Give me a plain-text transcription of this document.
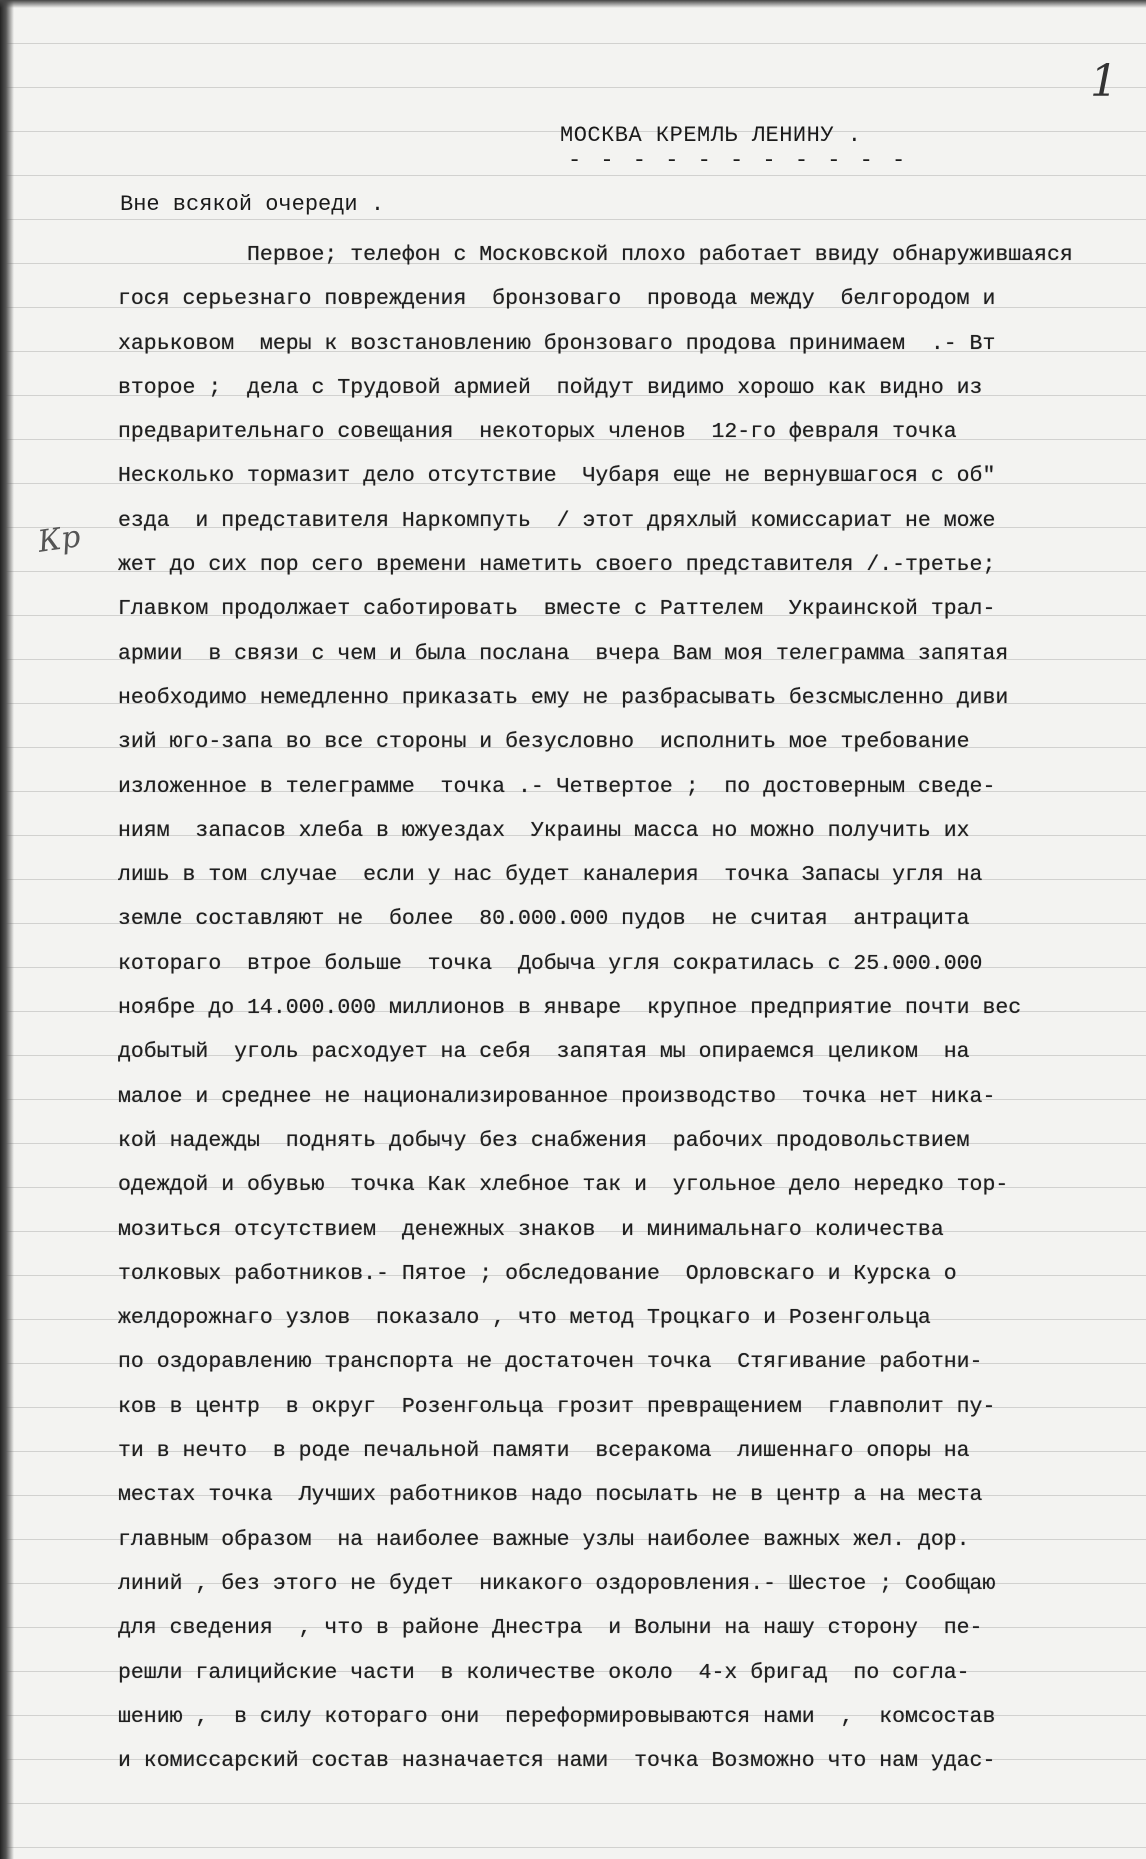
1
Кр
МОСКВА КРЕМЛЬ ЛЕНИНУ .
- - - - - - - - - - -
Вне всякой очереди .
Первое; телефон с Московской плохо работает ввиду обнаружившаяся
гося серьезнаго повреждения  бронзоваго  провода между  белгородом и
харьковом  меры к возстановлению бронзоваго продова принимаем  .- Вт
второе ;  дела с Трудовой армией  пойдут видимо хорошо как видно из
предварительнаго совещания  некоторых членов  12-го февраля точка
Несколько тормазит дело отсутствие  Чубаря еще не вернувшагося с об"
езда  и представителя Наркомпуть  / этот дряхлый комиссариат не може
жет до сих пор сего времени наметить своего представителя /.-третье;
Главком продолжает саботировать  вместе с Раттелем  Украинской трал-
армии  в связи с чем и была послана  вчера Вам моя телеграмма запятая
необходимо немедленно приказать ему не разбрасывать безсмысленно диви
зий юго-запа во все стороны и безусловно  исполнить мое требование
изложенное в телеграмме  точка .- Четвертое ;  по достоверным сведе-
ниям  запасов хлеба в южуездах  Украины масса но можно получить их
лишь в том случае  если у нас будет каналерия  точка Запасы угля на
земле составляют не  более  80.000.000 пудов  не считая  антрацита
котораго  втрое больше  точка  Добыча угля сократилась с 25.000.000
ноябре до 14.000.000 миллионов в январе  крупное предприятие почти вес
добытый  уголь расходует на себя  запятая мы опираемся целиком  на
малое и среднее не национализированное производство  точка нет ника-
кой надежды  поднять добычу без снабжения  рабочих продовольствием
одеждой и обувью  точка Как хлебное так и  угольное дело нередко тор-
мозиться отсутствием  денежных знаков  и минимальнаго количества
толковых работников.- Пятое ; обследование  Орловскаго и Курска о
желдорожнаго узлов  показало , что метод Троцкаго и Розенгольца
по оздоравлению транспорта не достаточен точка  Стягивание работни-
ков в центр  в округ  Розенгольца грозит превращением  главполит пу-
ти в нечто  в роде печальной памяти  всеракома  лишеннаго опоры на
местах точка  Лучших работников надо посылать не в центр а на места
главным образом  на наиболее важные узлы наиболее важных жел. дор.
линий , без этого не будет  никакого оздоровления.- Шестое ; Сообщаю
для сведения  , что в районе Днестра  и Волыни на нашу сторону  пе-
решли галицийские части  в количестве около  4-х бригад  по согла-
шению ,  в силу котораго они  переформировываются нами  ,  комсостав
и комиссарский состав назначается нами  точка Возможно что нам удас-
